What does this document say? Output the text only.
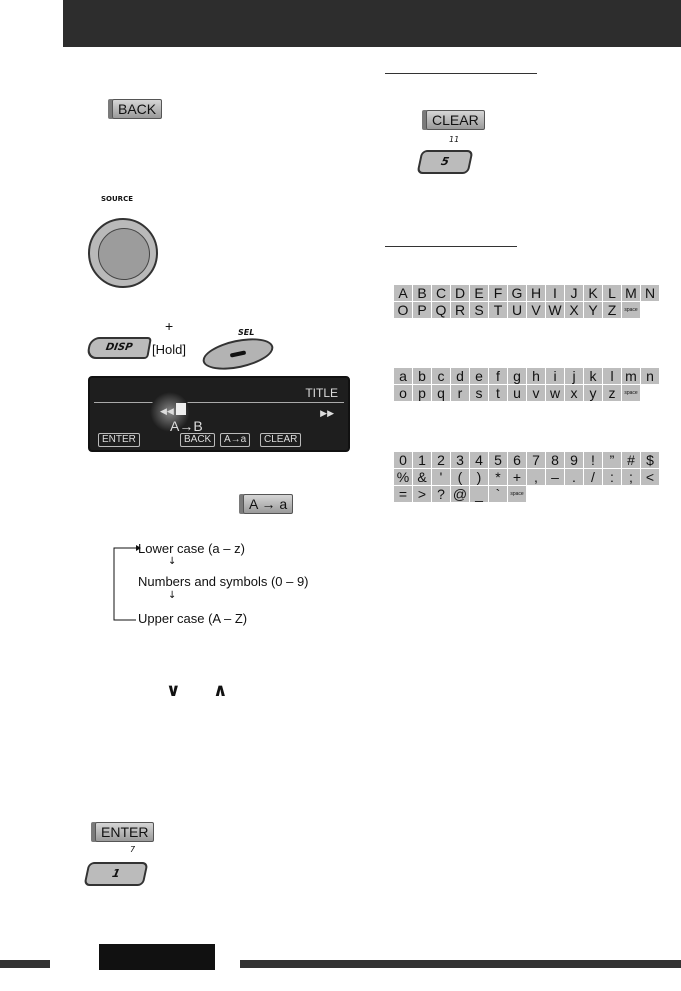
BACK
SOURCE
DISP
+
[Hold]
SEL
TITLE
◀◀
A→B
▶▶
ENTER	BACK	A→a	CLEAR
A → a
Lower case (a – z)
↓
Numbers and symbols (0 – 9)
↓
Upper case (A – Z)
∨ ∧
ENTER
7
1
CLEAR
11
5
A B C D E F G H I J K L M N
O P Q R S T U V W X Y Z	space
a b c d e f g h i	j k l m n
o p q r s t u v w x y z	space
0 1 2 3 4 5 6 7 8 9 !	” # $
% & '	(	) * + , – .	/	:	; <
= > ? @ _ `	space
